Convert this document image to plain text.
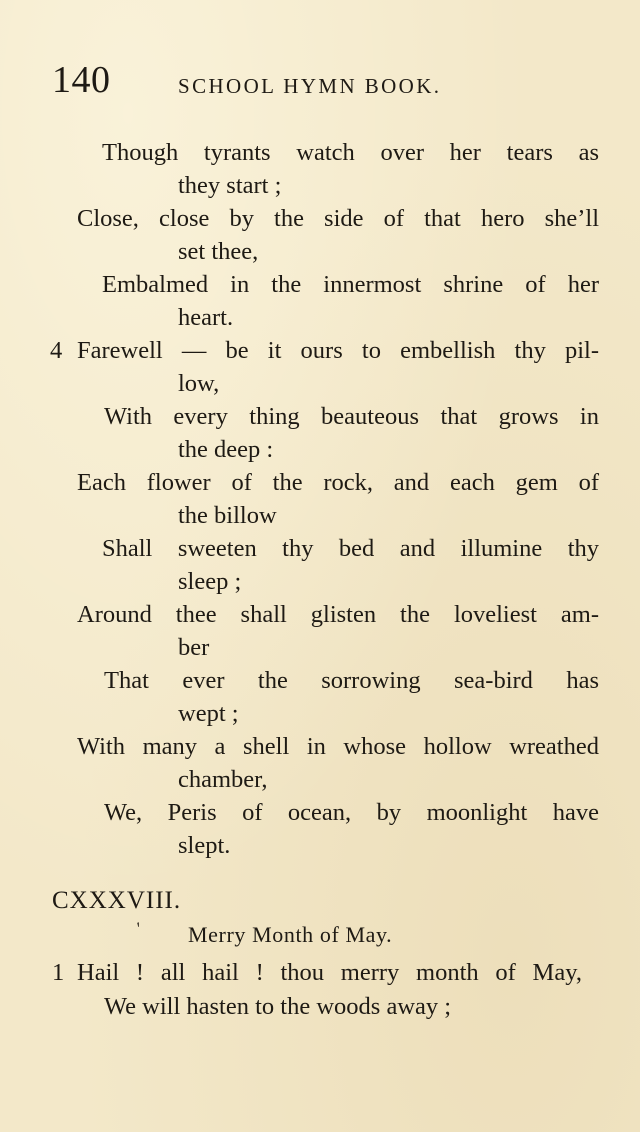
140	SCHOOL HYMN BOOK.
Though tyrants watch over her tears as
they start ;
Close, close by the side of that hero she’ll
set thee,
Embalmed in the innermost shrine of her
heart.
4 Farewell — be it ours to embellish thy pil-
low,
With every thing beauteous that grows in
the deep :
Each flower of the rock, and each gem of
the billow
Shall sweeten thy bed and illumine thy
sleep ;
Around thee shall glisten the loveliest am-
ber
That ever the sorrowing sea-bird has
wept ;
With many a shell in whose hollow wreathed
chamber,
We, Peris of ocean, by moonlight have
slept.
CXXXVIII.
ʹ Merry Month of May.
1 Hail ! all hail ! thou merry month of May,
We will hasten to the woods away ;
